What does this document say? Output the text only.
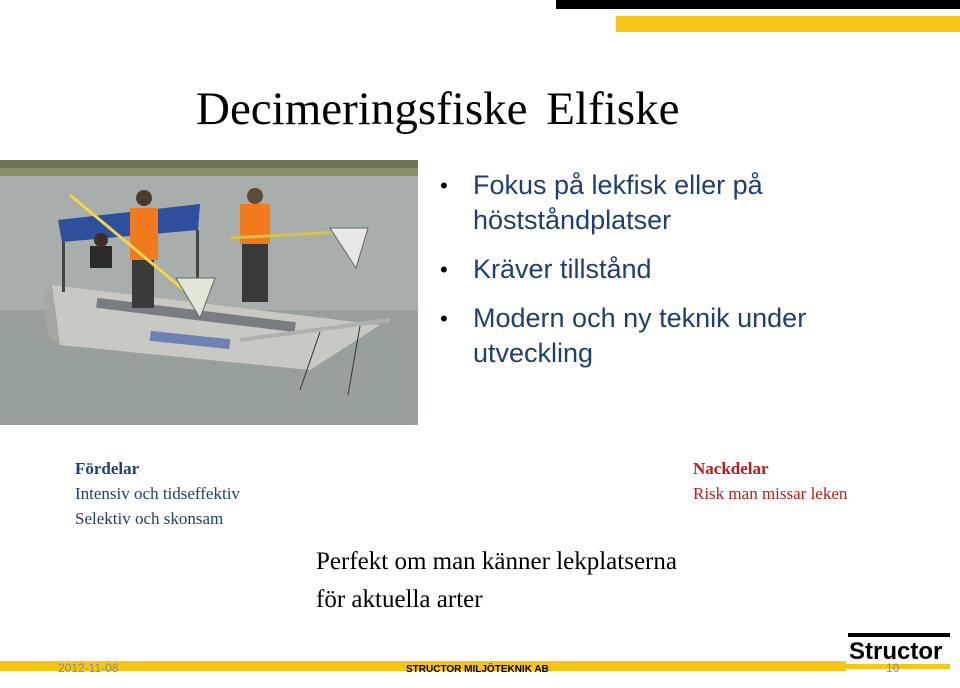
Decimeringsfiske Elfiske
• Fokus på lekfisk eller på höstståndplatser
• Kräver tillstånd
• Modern och ny teknik under utveckling
Fördelar
Intensiv och tidseffektiv
Selektiv och skonsam
Nackdelar
Risk man missar leken
Perfekt om man känner lekplatserna
för aktuella arter
2012-11-08	STRUCTOR MILJÖTEKNIK AB
Structor
10
